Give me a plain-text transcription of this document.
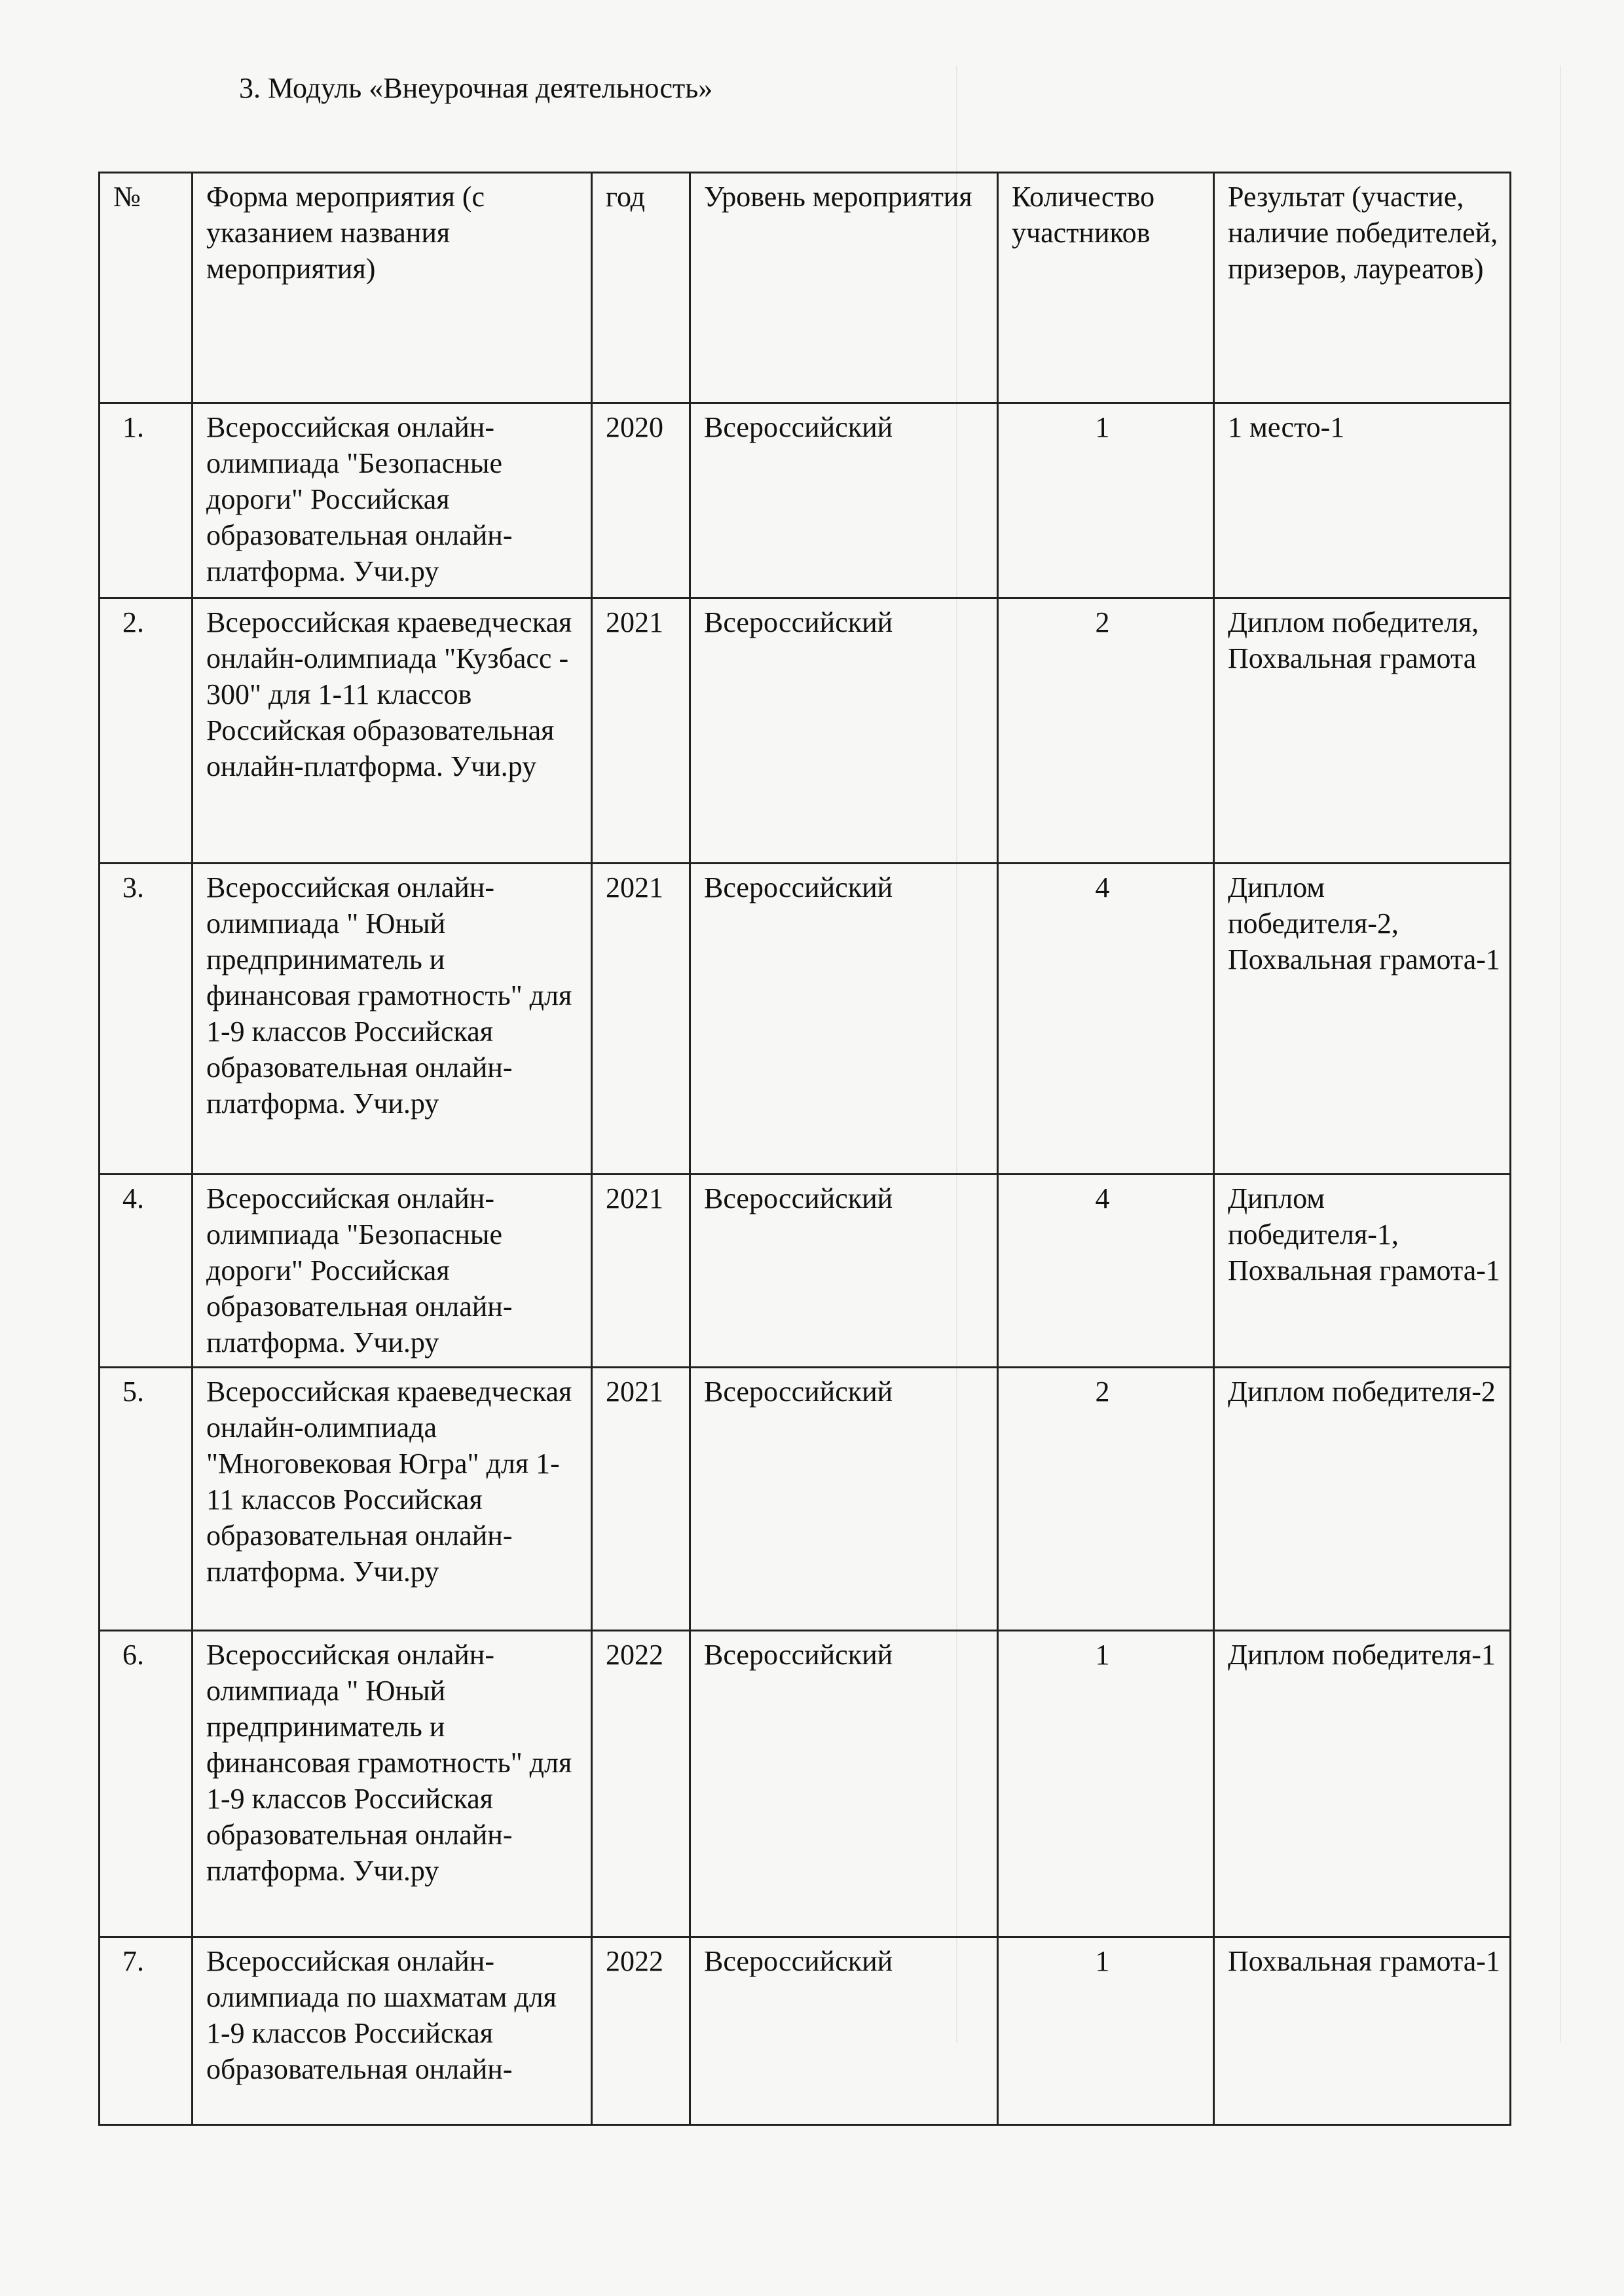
3. Модуль «Внеурочная деятельность»
№	Форма мероприятия (с указанием названия мероприятия)	год	Уровень мероприятия	Количество участников	Результат (участие, наличие победителей, призеров, лауреатов)
1.	Всероссийская онлайн-олимпиада "Безопасные дороги" Российская образовательная онлайн-платформа. Учи.ру	2020	Всероссийский	1	1 место-1
2.	Всероссийская краеведческая онлайн-олимпиада "Кузбасс - 300" для 1-11 классов Российская образовательная онлайн-платформа. Учи.ру	2021	Всероссийский	2	Диплом победителя, Похвальная грамота
3.	Всероссийская онлайн-олимпиада " Юный предприниматель и финансовая грамотность" для 1-9 классов Российская образовательная онлайн-платформа. Учи.ру	2021	Всероссийский	4	Диплом победителя-2, Похвальная грамота-1
4.	Всероссийская онлайн-олимпиада "Безопасные дороги" Российская образовательная онлайн-платформа. Учи.ру	2021	Всероссийский	4	Диплом победителя-1, Похвальная грамота-1
5.	Всероссийская краеведческая онлайн-олимпиада "Многовековая Югра" для 1-11 классов Российская образовательная онлайн-платформа. Учи.ру	2021	Всероссийский	2	Диплом победителя-2
6.	Всероссийская онлайн-олимпиада " Юный предприниматель и финансовая грамотность" для 1-9 классов Российская образовательная онлайн-платформа. Учи.ру	2022	Всероссийский	1	Диплом победителя-1
7.	Всероссийская онлайн-олимпиада по шахматам для 1-9 классов Российская образовательная онлайн-	2022	Всероссийский	1	Похвальная грамота-1
